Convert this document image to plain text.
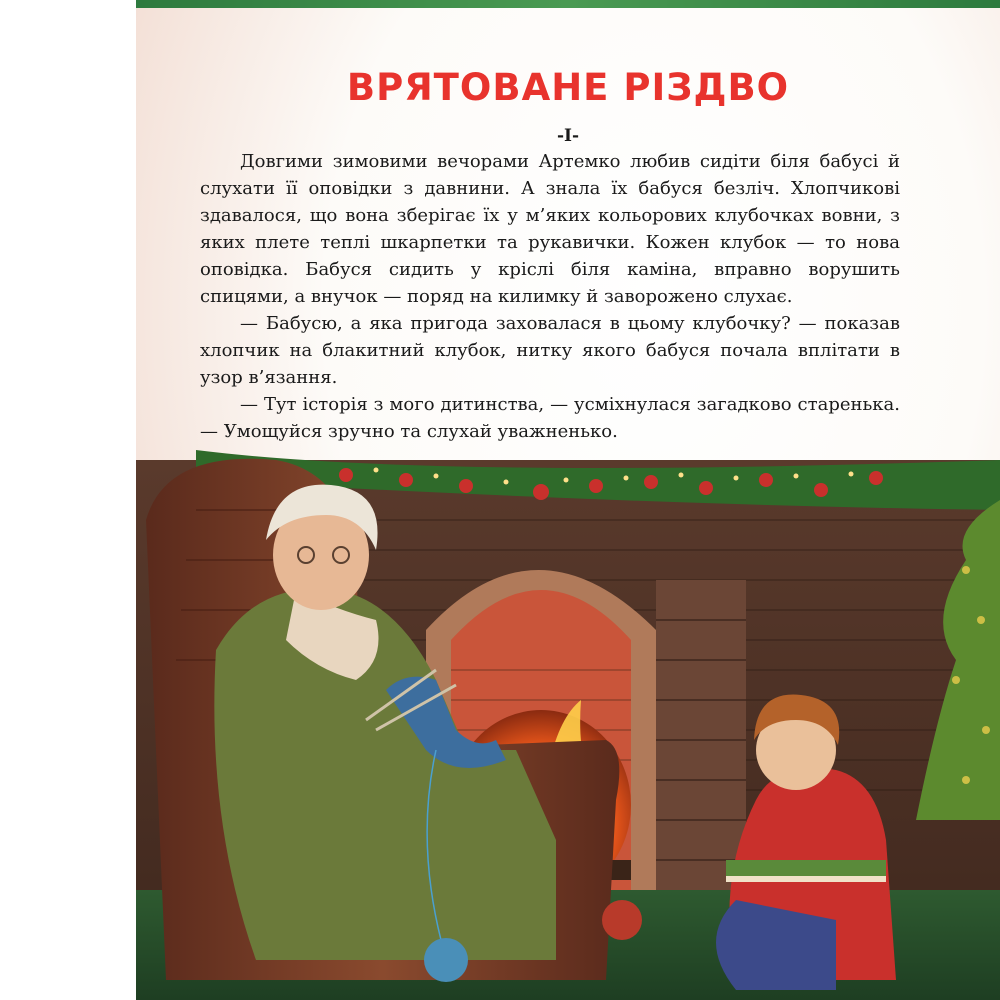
ВРЯТОВАНЕ РІЗДВО
-І-

Довгими зимовими вечорами Артемко любив сидіти біля бабусі й слухати її оповідки з давнини. А знала їх бабуся безліч. Хлопчикові здавалося, що вона зберігає їх у м’яких кольорових клубочках вовни, з яких плете теплі шкарпетки та рукавички. Кожен клубок — то нова оповідка. Бабуся сидить у кріслі біля каміна, вправно ворушить спицями, а внучок — поряд на килимку й заворожено слухає.

— Бабусю, а яка пригода заховалася в цьому клубочку? — показав хлопчик на блакитний клубок, нитку якого бабуся почала вплітати в узор в’язання.

— Тут історія з мого дитинства, — усміхнулася загадково старенька. — Умощуйся зручно та слухай уважненько.
